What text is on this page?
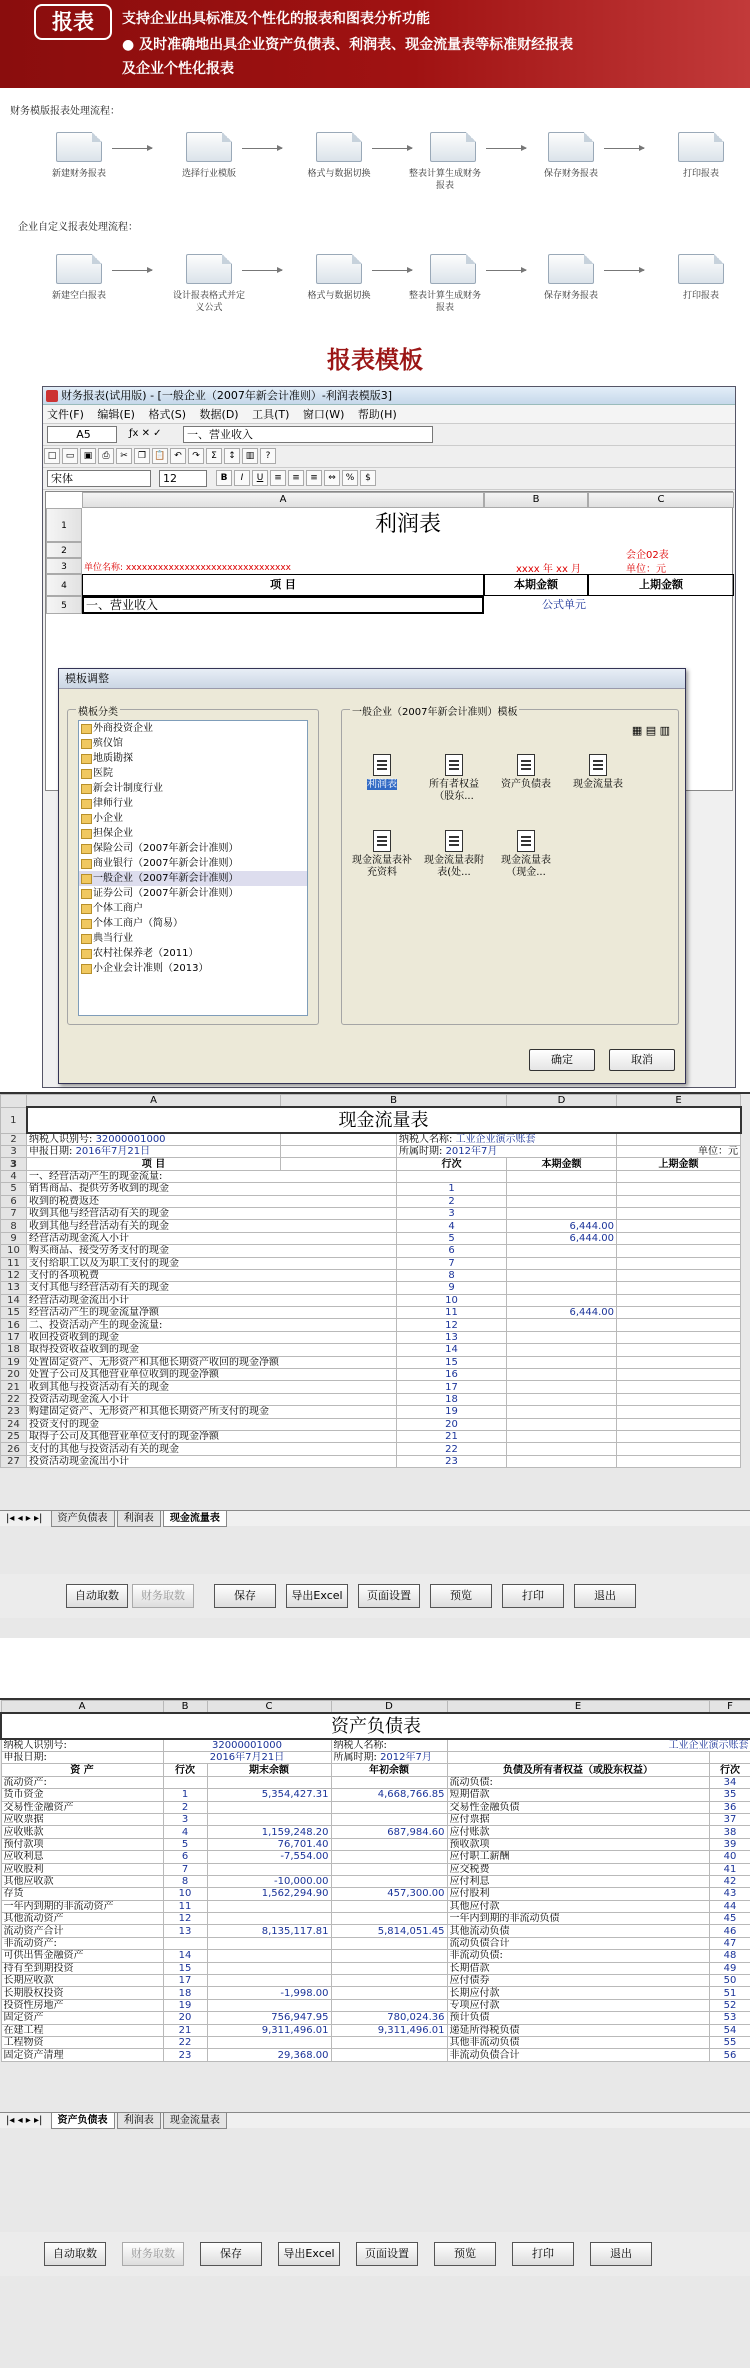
报表	支持企业出具标准及个性化的报表和图表分析功能
● 及时准确地出具企业资产负债表、利润表、现金流量表等标准财经报表
及企业个性化报表
财务模版报表处理流程：
新建财务报表	选择行业模版	格式与数据切换	整表计算生成财务报表
保存财务报表	打印报表
企业自定义报表处理流程：
新建空白报表	设计报表格式并定义公式
格式与数据切换	整表计算生成财务报表
保存财务报表	打印报表
报表模板
财务报表(试用版) - [一般企业（2007年新会计准则）-利润表模版3]
文件(F) 编辑(E) 格式(S) 数据(D) 工具(T) 窗口(W) 帮助(H)
A5	ƒx ✕ ✓	一、营业收入
□ ▭ ▣ ⎙ ✂ ❐ 📋 ↶ ↷ Σ ↕ ▥ ?
宋体	12	B I U ≡ ≡ ≡ ⇔ % $
A	B	C
1
2
3
4
5
利润表
会企02表
单位名称: xxxxxxxxxxxxxxxxxxxxxxxxxxxxxxx	xxxx 年 xx 月	单位：元
项 目	本期金额	上期金额
一、营业收入	公式单元
模板调整
模板分类
外商投资企业
殡仪馆
地质勘探
医院
新会计制度行业
律师行业
小企业
担保企业
保险公司（2007年新会计准则）
商业银行（2007年新会计准则）
一般企业（2007年新会计准则）
证券公司（2007年新会计准则）
个体工商户
个体工商户（简易）
典当行业
农村社保养老（2011）
小企业会计准则（2013）
一般企业（2007年新会计准则）模板
▦ ▤ ▥
利润表	所有者权益（股东...
资产负债表	现金流量表
现金流量表补充资料
现金流量表附表(处...
现金流量表（现金...
确定	取消
	A	B		D	E
1	现金流量表				
2	纳税人识别号: 32000001000		纳税人名称: 工业企业演示账套		
3	申报日期: 2016年7月21日		所属时期: 2012年7月		单位：元
3	项 目		行次	本期金额	上期金额
4	一、经营活动产生的现金流量:				
5	销售商品、提供劳务收到的现金		1		
6	收到的税费返还		2		
7	收到其他与经营活动有关的现金		3		
8	收到其他与经营活动有关的现金		4	6,444.00	
9	经营活动现金流入小计		5	6,444.00	
10	购买商品、接受劳务支付的现金		6		
11	支付给职工以及为职工支付的现金		7		
12	支付的各项税费		8		
13	支付其他与经营活动有关的现金		9		
14	经营活动现金流出小计		10		
15	经营活动产生的现金流量净额		11	6,444.00	
16	二、投资活动产生的现金流量:		12		
17	收回投资收到的现金		13		
18	取得投资收益收到的现金		14		
19	处置固定资产、无形资产和其他长期资产收回的现金净额		15		
20	处置子公司及其他营业单位收到的现金净额		16		
21	收到其他与投资活动有关的现金		17		
22	投资活动现金流入小计		18		
23	购建固定资产、无形资产和其他长期资产所支付的现金		19		
24	投资支付的现金		20		
25	取得子公司及其他营业单位支付的现金净额		21		
26	支付的其他与投资活动有关的现金		22		
27	投资活动现金流出小计		23		
|◂ ◂ ▸ ▸| 资产负债表 利润表 现金流量表
自动取数	财务取数	保存	导出Excel	页面设置	预览	打印	退出
A	B	C	D	E	F
资产负债表					
纳税人识别号:	32000001000		纳税人名称:	工业企业演示账套	
申报日期:	2016年7月21日		所属时期: 2012年7月		
资 产	行次	期末余额	年初余额	负债及所有者权益（或股东权益）	行次
流动资产:				流动负债:	34
货币资金	1	5,354,427.31	4,668,766.85	短期借款	35
交易性金融资产	2			交易性金融负债	36
应收票据	3			应付票据	37
应收账款	4	1,159,248.20	687,984.60	应付账款	38
预付款项	5	76,701.40		预收款项	39
应收利息	6	-7,554.00		应付职工薪酬	40
应收股利	7			应交税费	41
其他应收款	8	-10,000.00		应付利息	42
存货	10	1,562,294.90	457,300.00	应付股利	43
一年内到期的非流动资产	11			其他应付款	44
其他流动资产	12			一年内到期的非流动负债	45
流动资产合计	13	8,135,117.81	5,814,051.45	其他流动负债	46
非流动资产:				流动负债合计	47
可供出售金融资产	14			非流动负债:	48
持有至到期投资	15			长期借款	49
长期应收款	17			应付债券	50
长期股权投资	18	-1,998.00		长期应付款	51
投资性房地产	19			专项应付款	52
固定资产	20	756,947.95	780,024.36	预计负债	53
在建工程	21	9,311,496.01	9,311,496.01	递延所得税负债	54
工程物资	22			其他非流动负债	55
固定资产清理	23	29,368.00		非流动负债合计	56
|◂ ◂ ▸ ▸| 资产负债表 利润表 现金流量表
自动取数	财务取数	保存	导出Excel	页面设置	预览	打印	退出
